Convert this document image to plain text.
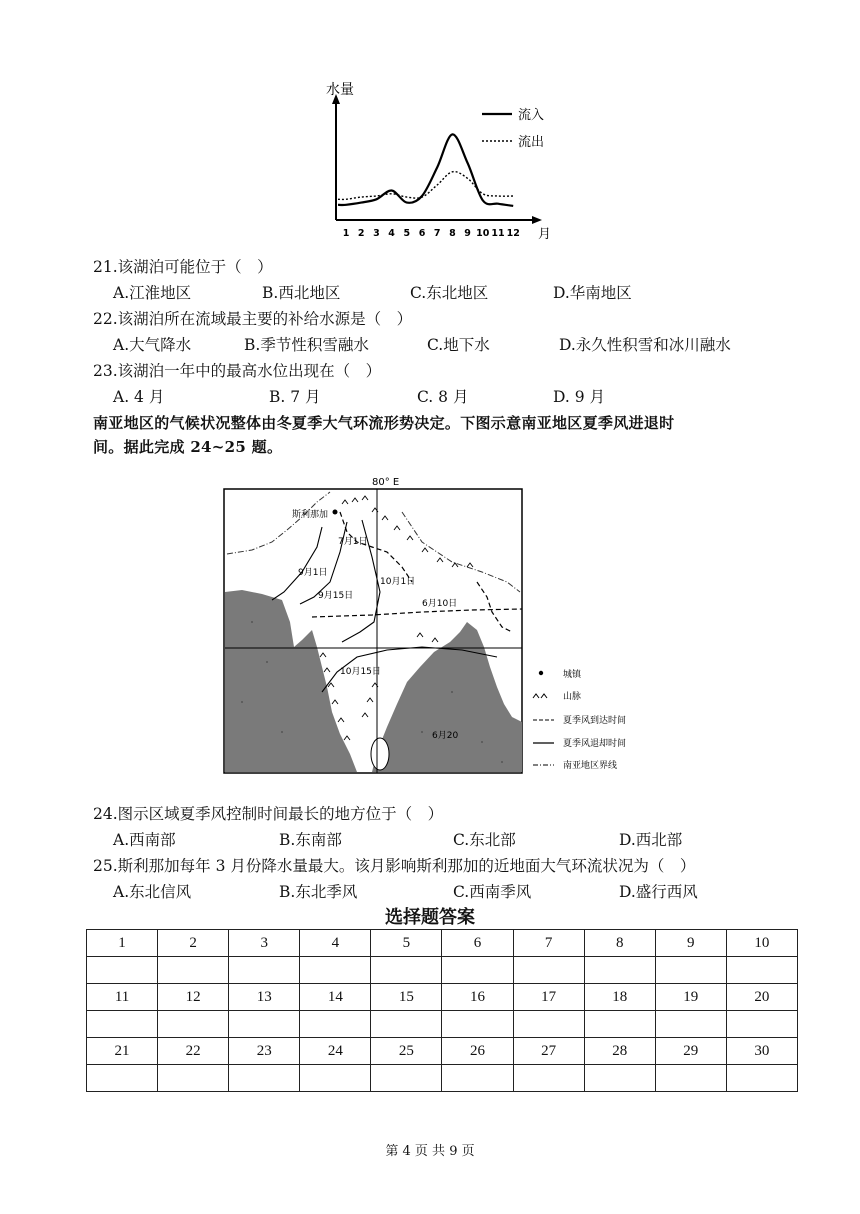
水量
月
1 2 3 4 5 6 7 8 9 10 11 12
流入
流出
21.该湖泊可能位于（　）
A.江淮地区	B.西北地区	C.东北地区	D.华南地区
22.该湖泊所在流域最主要的补给水源是（　）
A.大气降水	B.季节性积雪融水	C.地下水	D.永久性积雪和冰川融水
23.该湖泊一年中的最高水位出现在（　）
A. 4 月	B. 7 月	C. 8 月	D. 9 月
南亚地区的气候状况整体由冬夏季大气环流形势决定。下图示意南亚地区夏季风进退时
间。据此完成 24~25 题。
80° E
斯利那加
7月1日
9月1日
9月15日
10月1日
6月10日
10月15日
6月20
城镇
山脉
夏季风到达时间
夏季风退却时间
南亚地区界线
24.图示区域夏季风控制时间最长的地方位于（　）
A.西南部	B.东南部	C.东北部	D.西北部
25.斯利那加每年 3 月份降水量最大。该月影响斯利那加的近地面大气环流状况为（　）
A.东北信风	B.东北季风	C.西南季风	D.盛行西风
选择题答案
1	2	3	4	5	6	7	8	9	10

11	12	13	14	15	16	17	18	19	20

21	22	23	24	25	26	27	28	29	30

第 4 页 共 9 页
